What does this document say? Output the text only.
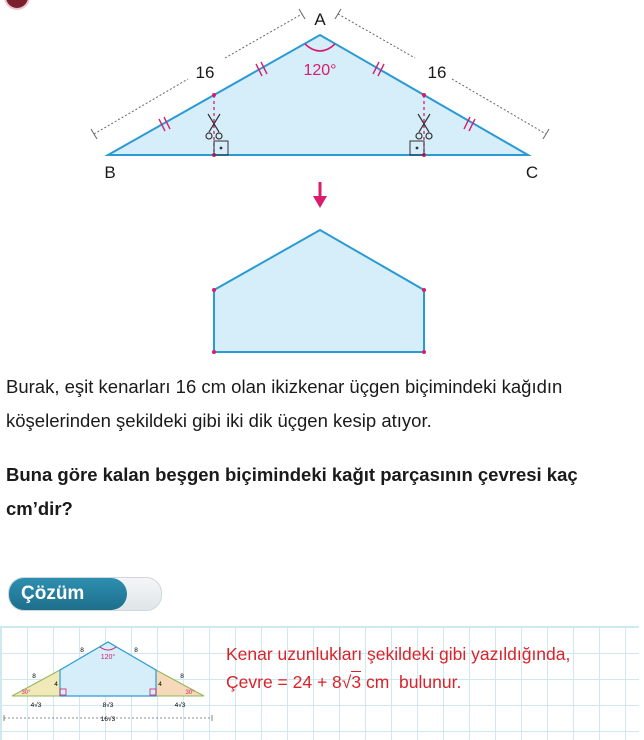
16	16
120°
A
B	C

Burak, eşit kenarları 16 cm olan ikizkenar üçgen biçimindeki kağıdın köşelerinden şekildeki gibi iki dik üçgen kesip atıyor.

Buna göre kalan beşgen biçimindeki kağıt parçasının çevresi kaç cm’dir?

Çözüm
120°
8	8
8	8
4	4
30°	30°
4√3	8√3	4√3
16√3
Kenar uzunlukları şekildeki gibi yazıldığında,
Çevre = 24 + 8√3 cm  bulunur.
